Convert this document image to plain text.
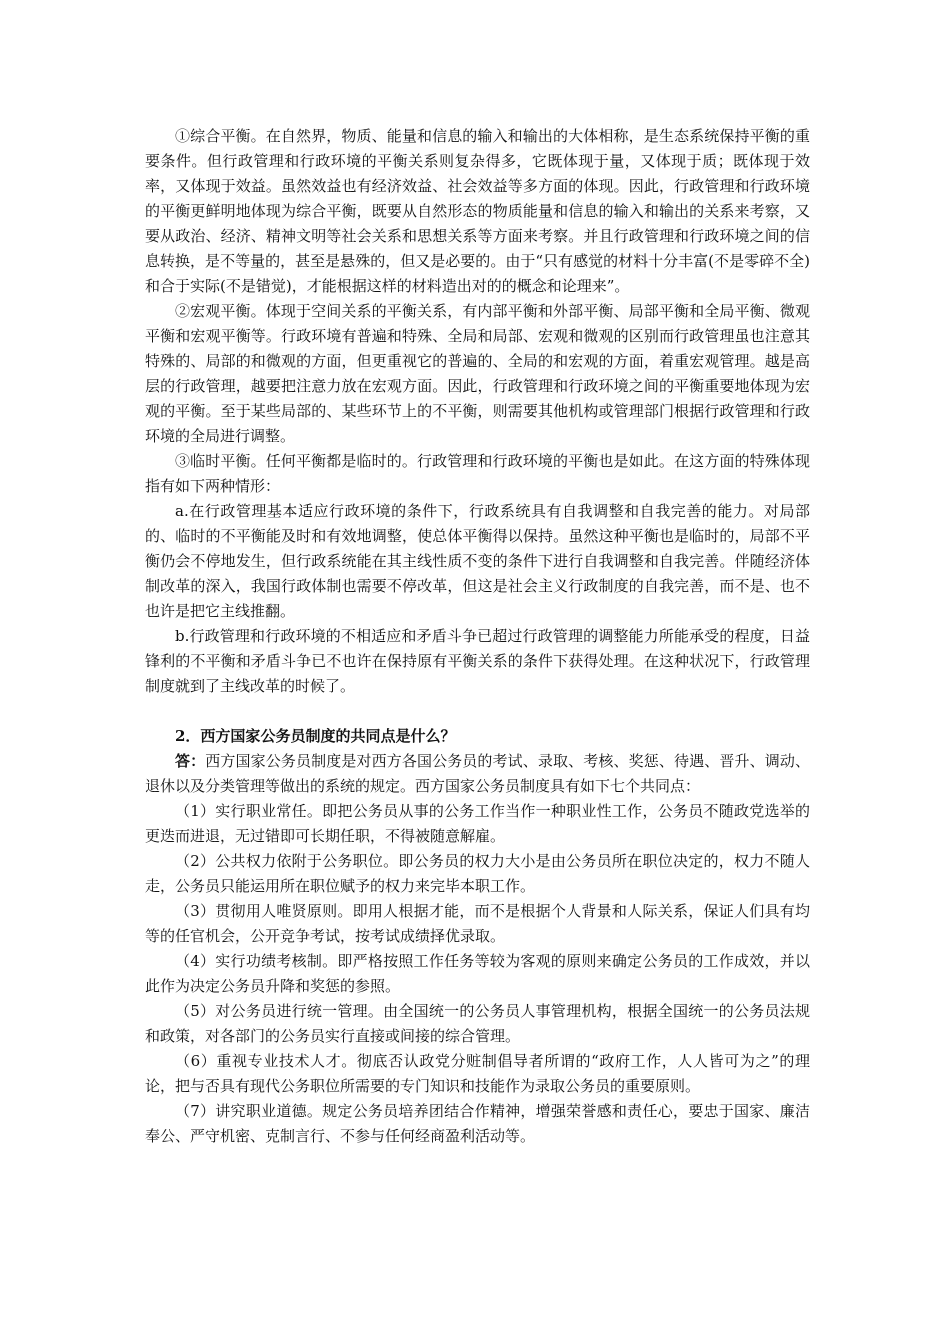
①综合平衡。在自然界，物质、能量和信息的输入和输出的大体相称，是生态系统保持平衡的重要条件。但行政管理和行政环境的平衡关系则复杂得多，它既体现于量，又体现于质；既体现于效率，又体现于效益。虽然效益也有经济效益、社会效益等多方面的体现。因此，行政管理和行政环境的平衡更鲜明地体现为综合平衡，既要从自然形态的物质能量和信息的输入和输出的关系来考察，又要从政治、经济、精神文明等社会关系和思想关系等方面来考察。并且行政管理和行政环境之间的信息转换，是不等量的，甚至是悬殊的，但又是必要的。由于“只有感觉的材料十分丰富(不是零碎不全)和合于实际(不是错觉)，才能根据这样的材料造出对的的概念和论理来”。

②宏观平衡。体现于空间关系的平衡关系，有内部平衡和外部平衡、局部平衡和全局平衡、微观平衡和宏观平衡等。行政环境有普遍和特殊、全局和局部、宏观和微观的区别而行政管理虽也注意其特殊的、局部的和微观的方面，但更重视它的普遍的、全局的和宏观的方面，着重宏观管理。越是高层的行政管理，越要把注意力放在宏观方面。因此，行政管理和行政环境之间的平衡重要地体现为宏观的平衡。至于某些局部的、某些环节上的不平衡，则需要其他机构或管理部门根据行政管理和行政环境的全局进行调整。

③临时平衡。任何平衡都是临时的。行政管理和行政环境的平衡也是如此。在这方面的特殊体现指有如下两种情形：

a.在行政管理基本适应行政环境的条件下，行政系统具有自我调整和自我完善的能力。对局部的、临时的不平衡能及时和有效地调整，使总体平衡得以保持。虽然这种平衡也是临时的，局部不平衡仍会不停地发生，但行政系统能在其主线性质不变的条件下进行自我调整和自我完善。伴随经济体制改革的深入，我国行政体制也需要不停改革，但这是社会主义行政制度的自我完善，而不是、也不也许是把它主线推翻。

b.行政管理和行政环境的不相适应和矛盾斗争已超过行政管理的调整能力所能承受的程度，日益锋利的不平衡和矛盾斗争已不也许在保持原有平衡关系的条件下获得处理。在这种状况下，行政管理制度就到了主线改革的时候了。

2．西方国家公务员制度的共同点是什么？

答：西方国家公务员制度是对西方各国公务员的考试、录取、考核、奖惩、待遇、晋升、调动、退休以及分类管理等做出的系统的规定。西方国家公务员制度具有如下七个共同点：

（1）实行职业常任。即把公务员从事的公务工作当作一种职业性工作，公务员不随政党选举的更迭而进退，无过错即可长期任职，不得被随意解雇。

（2）公共权力依附于公务职位。即公务员的权力大小是由公务员所在职位决定的，权力不随人走，公务员只能运用所在职位赋予的权力来完毕本职工作。

（3）贯彻用人唯贤原则。即用人根据才能，而不是根据个人背景和人际关系，保证人们具有均等的任官机会，公开竞争考试，按考试成绩择优录取。

（4）实行功绩考核制。即严格按照工作任务等较为客观的原则来确定公务员的工作成效，并以此作为决定公务员升降和奖惩的参照。

（5）对公务员进行统一管理。由全国统一的公务员人事管理机构，根据全国统一的公务员法规和政策，对各部门的公务员实行直接或间接的综合管理。

（6）重视专业技术人才。彻底否认政党分赃制倡导者所谓的“政府工作，人人皆可为之”的理论，把与否具有现代公务职位所需要的专门知识和技能作为录取公务员的重要原则。

（7）讲究职业道德。规定公务员培养团结合作精神，增强荣誉感和责任心，要忠于国家、廉洁奉公、严守机密、克制言行、不参与任何经商盈利活动等。
